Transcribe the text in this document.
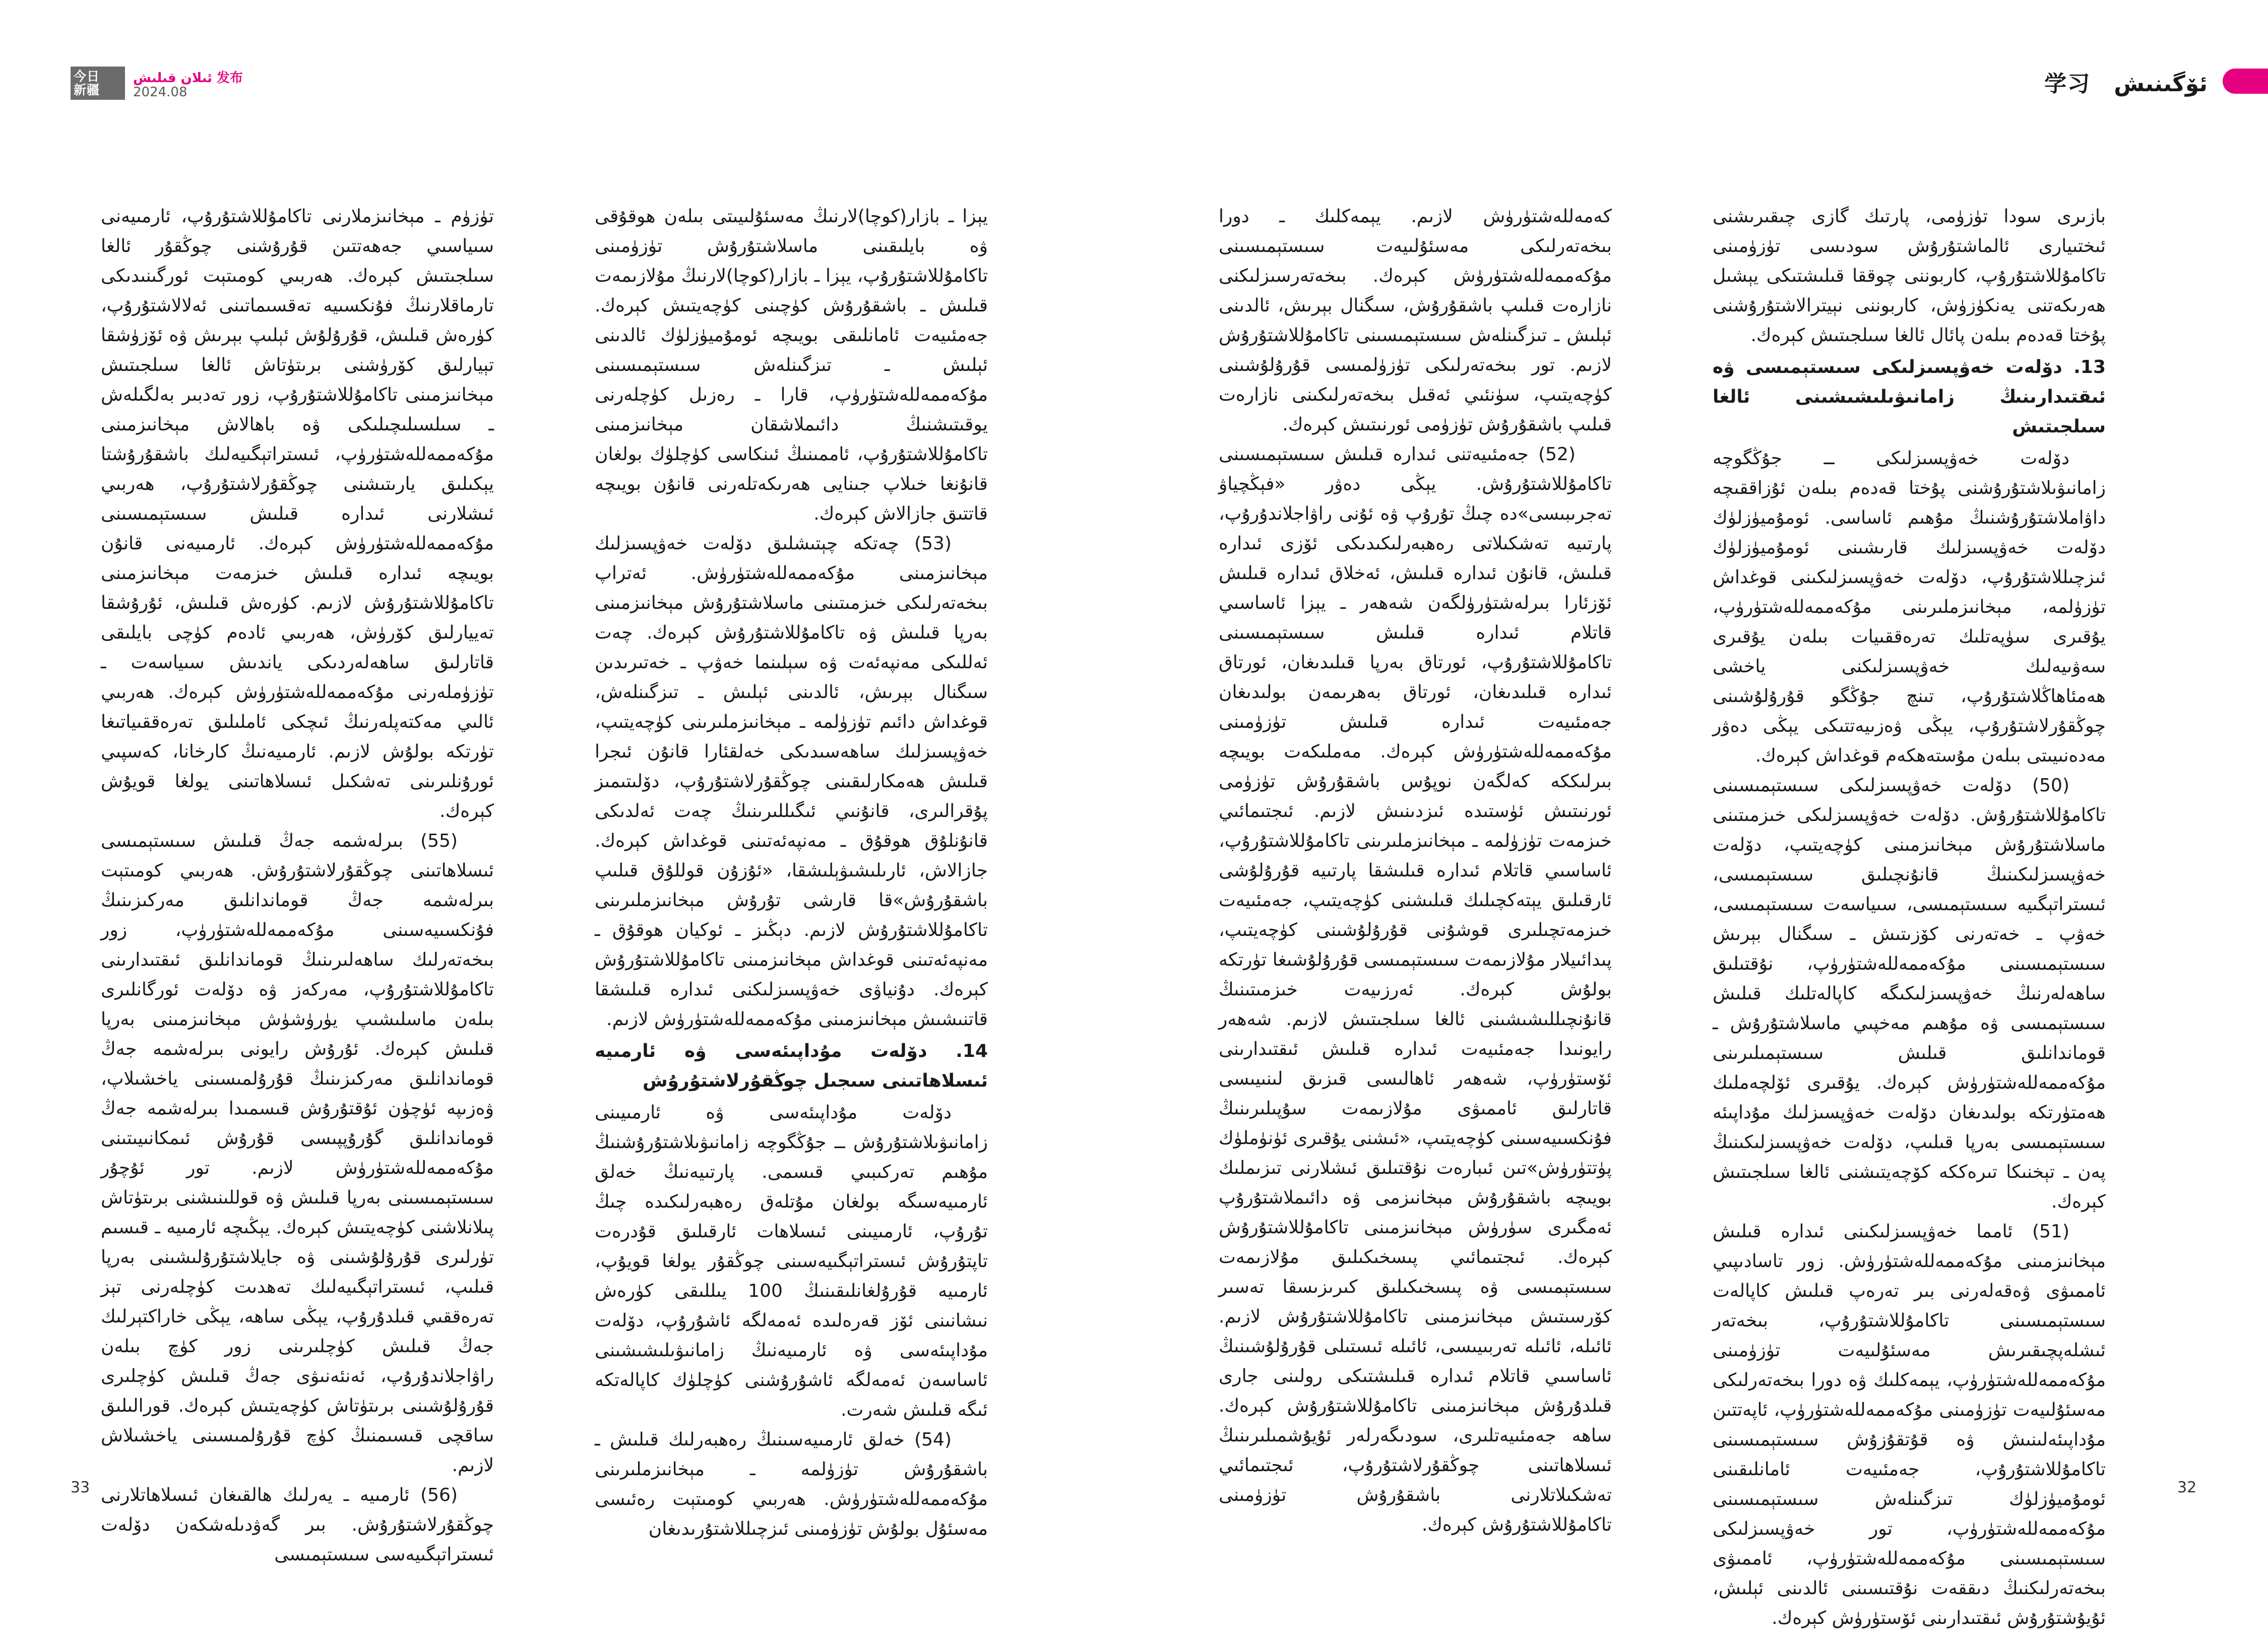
今日
新疆
发布 ئىلان قىلىش
2024.08	ئۆگىنىش   学习

بازىرى سودا تۈزۈمى، پارتىك گازى چىقىرىشنى ئىختىيارى ئالماشتۇرۇش سودىسى تۈزۈمىنى تاكامۇللاشتۇرۇپ، كاربوننى چوققا قىلىشتىكى يېشىل ھەرىكەتنى يەنكۈزۈش، كاربوننى نېيترالاشتۇرۇشنى پۇختا قەدەم بىلەن پائال ئالغا سىلجىتىش كېرەك.

13. دۆلەت خەۋپسىزلىكى سىستېمىسى ۋە ئىقتىدارىنىڭ زامانىۋىلىشىشىنى ئالغا سىلجىتىش

دۆلەت خەۋپسىزلىكى ــ جۇڭگوچە زامانىۋىلاشتۇرۇشنى پۇختا قەدەم بىلەن ئۇزاققىچە داۋاملاشتۇرۇشنىڭ مۇھىم ئاساسى. ئومۇميۈزلۈك دۆلەت خەۋپسىزلىك قارىشىنى ئومۇميۈزلۈك ئىزچىللاشتۇرۇپ، دۆلەت خەۋپسىزلىكىنى قوغداش تۈزۈلمە، مېخانىزملىرىنى مۇكەممەللەشتۈرۈپ، يۇقىرى سۈپەتلىك تەرەققىيات بىلەن يۇقىرى سەۋىيەلىك خەۋپسىزلىكنى ياخشى ھەمئاھاڭلاشتۇرۇپ، تىنچ جۇڭگو قۇرۇلۇشىنى چوڭقۇرلاشتۇرۇپ، يېڭى ۋەزىيەتتىكى يېڭى دەۋر مەدەنىيىتى بىلەن مۇستەھكەم قوغداش كېرەك.

(50) دۆلەت خەۋپسىزلىكى سىستېمىسىنى تاكامۇللاشتۇرۇش. دۆلەت خەۋپسىزلىكى خىزمىتىنى ماسلاشتۇرۇش مېخانىزمىنى كۈچەيتىپ، دۆلەت خەۋپسىزلىكىنىڭ قانۇنچىلىق سىستېمىسى، ئىستراتېگىيە سىستېمىسى، سىياسەت سىستېمىسى، خەۋپ ـ خەتەرنى كۆزىتىش ـ سىگنال بېرىش سىستېمىسىنى مۇكەممەللەشتۈرۈپ، نۇقتىلىق ساھەلەرنىڭ خەۋپسىزلىكىگە كاپالەتلىك قىلىش سىستېمىسى ۋە مۇھىم مەخپىي ماسلاشتۇرۇش ـ قوماندانلىق قىلىش سىستېمىلىرىنى مۇكەممەللەشتۈرۈش كېرەك. يۇقىرى ئۆلچەملىك ھەمتۈرتكە بولىدىغان دۆلەت خەۋپسىزلىك مۇداپىئە سىستېمىسى بەرپا قىلىپ، دۆلەت خەۋپسىزلىكىنىڭ پەن ـ تېخنىكا تىرەككە كۆچەيتىشنى ئالغا سىلجىتىش كېرەك.

(51) ئامما خەۋپسىزلىكىنى ئىدارە قىلىش مېخانىزمىنى مۇكەممەللەشتۈرۈش. زور تاسادىپىي ئاممىۋى ۋەقەلەرنى بىر تەرەپ قىلىش كاپالەت سىستېمىسىنى تاكامۇللاشتۇرۇپ، بىخەتەر ئىشلەپچىقىرىش مەسئۇلىيەت تۈزۈمىنى مۇكەممەللەشتۈرۈپ، يېمەكلىك ۋە دورا بىخەتەرلىكى مەسئۇلىيەت تۈزۈمىنى مۇكەممەللەشتۈرۈپ، ئاپەتتىن مۇداپىئەلىنىش ۋە قۇتقۇزۇش سىستېمىسىنى تاكامۇللاشتۇرۇپ، جەمئىيەت ئامانلىقىنى ئومۇميۈزلۈك تىزگىنلەش سىستېمىسىنى مۇكەممەللەشتۈرۈپ، تور خەۋپسىزلىكى سىستېمىسىنى مۇكەممەللەشتۈرۈپ، ئاممىۋى بىخەتەرلىكنىڭ دىققەت نۇقتىسىنى ئالدىنى ئېلىش، ئۇيۇشتۇرۇش ئىقتىدارىنى ئۆستۈرۈش كېرەك.

كەمەللەشتۈرۈش لازىم. يېمەكلىك ـ دورا بىخەتەرلىكى مەسئۇلىيەت سىستېمىسىنى مۇكەممەللەشتۈرۈش كېرەك. بىخەتەرسىزلىكنى نازارەت قىلىپ باشقۇرۇش، سىگنال بېرىش، ئالدىنى ئېلىش ـ تىزگىنلەش سىستېمىسىنى تاكامۇللاشتۇرۇش لازىم. تور بىخەتەرلىكى تۈزۈلمىسى قۇرۇلۇشىنى كۈچەيتىپ، سۈنئىي ئەقىل بىخەتەرلىكىنى نازارەت قىلىپ باشقۇرۇش تۈزۈمى ئورنىتىش كېرەك.

(52) جەمئىيەتنى ئىدارە قىلىش سىستېمىسىنى تاكامۇللاشتۇرۇش. يېڭى دەۋر «فېڭچياۋ تەجرىبىسى»دە چىڭ تۇرۇپ ۋە ئۇنى راۋاجلاندۇرۇپ، پارتىيە تەشكىلاتى رەھبەرلىكىدىكى ئۆزى ئىدارە قىلىش، قانۇن ئىدارە قىلىش، ئەخلاق ئىدارە قىلىش ئۆزئارا بىرلەشتۈرۈلگەن شەھەر ـ يېزا ئاساسىي قاتلام ئىدارە قىلىش سىستېمىسىنى تاكامۇللاشتۇرۇپ، ئورتاق بەرپا قىلىدىغان، ئورتاق ئىدارە قىلىدىغان، ئورتاق بەھرىمەن بولىدىغان جەمئىيەت ئىدارە قىلىش تۈزۈمىنى مۇكەممەللەشتۈرۈش كېرەك. مەملىكەت بويىچە بىرلىككە كەلگەن نوپۇس باشقۇرۇش تۈزۈمى ئورنىتىش ئۈستىدە ئىزدىنىش لازىم. ئىجتىمائىي خىزمەت تۈزۈلمە ـ مېخانىزملىرىنى تاكامۇللاشتۇرۇپ، ئاساسىي قاتلام ئىدارە قىلىشقا پارتىيە قۇرۇلۇشى ئارقىلىق يېتەكچىلىك قىلىشنى كۈچەيتىپ، جەمئىيەت خىزمەتچىلىرى قوشۇنى قۇرۇلۇشىنى كۈچەيتىپ، پىدائىيلار مۇلازىمەت سىستېمىسى قۇرۇلۇشىغا تۈرتكە بولۇش كېرەك. ئەرزىيەت خىزمىتىنىڭ قانۇنچىللىشىشىنى ئالغا سىلجىتىش لازىم. شەھەر رايونىدا جەمئىيەت ئىدارە قىلىش ئىقتىدارىنى ئۆستۈرۈپ، شەھەر ئاھالىسى قىزىق لىنىيىسى قاتارلىق ئاممىۋى مۇلازىمەت سۇپىلىرىنىڭ فۇنكسىيەسىنى كۈچەيتىپ، «ئىشنى يۇقىرى ئۈنۈملۈك پۈتتۈرۈش»تىن ئىبارەت نۇقتىلىق ئىشلارنى تىزىملىك بويىچە باشقۇرۇش مېخانىزمى ۋە دائىملاشتۇرۇپ ئەمگىرى سۈرۈش مېخانىزمىنى تاكامۇللاشتۇرۇش كېرەك. ئىجتىمائىي پىسخىكىلىق مۇلازىمەت سىستېمىسى ۋە پىسخىكىلىق كىرىزىسقا تەسىر كۆرسىتىش مېخانىزمىنى تاكامۇللاشتۇرۇش لازىم. ئائىلە، ئائىلە تەربىيىسى، ئائىلە ئىستىلى قۇرۇلۇشىنىڭ ئاساسىي قاتلام ئىدارە قىلىشتىكى رولىنى جارى قىلدۇرۇش مېخانىزمىنى تاكامۇللاشتۇرۇش كېرەك. ساھە جەمئىيەتلىرى، سودىگەرلەر ئۇيۇشمىلىرىنىڭ ئىسلاھاتىنى چوڭقۇرلاشتۇرۇپ، ئىجتىمائىي تەشكىلاتلارنى باشقۇرۇش تۈزۈمىنى تاكامۇللاشتۇرۇش كېرەك.

يېزا ـ بازار(كوچا)لارنىڭ مەسئۇلىيىتى بىلەن ھوقۇقى ۋە بايلىقىنى ماسلاشتۇرۇش تۈزۈمىنى تاكامۇللاشتۇرۇپ، يېزا ـ بازار(كوچا)لارنىڭ مۇلازىمەت قىلىش ـ باشقۇرۇش كۈچىنى كۈچەيتىش كېرەك. جەمئىيەت ئامانلىقى بويىچە ئومۇميۈزلۈك ئالدىنى ئېلىش ـ تىزگىنلەش سىستېمىسىنى مۇكەممەللەشتۈرۈپ، قارا ـ رەزىل كۈچلەرنى يوقىتىشنىڭ دائىملاشقان مېخانىزمىنى تاكامۇللاشتۇرۇپ، ئاممىنىڭ ئىنكاسى كۈچلۈك بولغان قانۇنغا خىلاپ جىنايى ھەرىكەتلەرنى قانۇن بويىچە قاتتىق جازالاش كېرەك.

(53) چەتكە چېتىشلىق دۆلەت خەۋپسىزلىك مېخانىزمىنى مۇكەممەللەشتۈرۈش. ئەتراپ بىخەتەرلىكى خىزمىتىنى ماسلاشتۇرۇش مېخانىزمىنى بەرپا قىلىش ۋە تاكامۇللاشتۇرۇش كېرەك. چەت ئەللىكى مەنپەئەت ۋە سېلىنما خەۋپ ـ خەتىرىدىن سىگنال بېرىش، ئالدىنى ئېلىش ـ تىزگىنلەش، قوغداش دائىم تۈزۈلمە ـ مېخانىزملىرىنى كۈچەيتىپ، خەۋپسىزلىك ساھەسىدىكى خەلقئارا قانۇن ئىجرا قىلىش ھەمكارلىقىنى چوڭقۇرلاشتۇرۇپ، دۆلىتىمىز پۇقرالىرى، قانۇنىي ئىگىللىرىنىڭ چەت ئەلدىكى قانۇنلۇق ھوقۇق ـ مەنپەئەتىنى قوغداش كېرەك. جازالاش، ئارىلىشىۋېلىشقا، «ئۇزۇن قوللۇق قىلىپ باشقۇرۇش»قا قارشى تۇرۇش مېخانىزملىرىنى تاكامۇللاشتۇرۇش لازىم. دېڭىز ـ ئوكيان ھوقۇق ـ مەنپەئەتىنى قوغداش مېخانىزمىنى تاكامۇللاشتۇرۇش كېرەك. دۇنياۋى خەۋپسىزلىكنى ئىدارە قىلىشقا قاتنىشىش مېخانىزمىنى مۇكەممەللەشتۈرۈش لازىم.

14. دۆلەت مۇداپىئەسى ۋە ئارمىيە ئىسلاھاتىنى سىجىل چوڭقۇرلاشتۇرۇش

دۆلەت مۇداپىئەسى ۋە ئارمىيىنى زامانىۋىلاشتۇرۇش ــ جۇڭگوچە زامانىۋىلاشتۇرۇشنىڭ مۇھىم تەركىبىي قىسمى. پارتىيەنىڭ خەلق ئارمىيەسىگە بولغان مۇتلەق رەھبەرلىكىدە چىڭ تۇرۇپ، ئارمىيىنى ئىسلاھات ئارقىلىق قۇدرەت تاپتۇرۇش ئىستراتېگىيەسىنى چوڭقۇر يولغا قويۇپ، ئارمىيە قۇرۇلغانلىقىنىڭ 100 يىللىقى كۈرەش نىشانىنى ئۆز قەرەلىدە ئەمەلگە ئاشۇرۇپ، دۆلەت مۇداپىئەسى ۋە ئارمىيەنىڭ زامانىۋىلىشىشىنى ئاساسەن ئەمەلگە ئاشۇرۇشنى كۈچلۈك كاپالەتكە ئىگە قىلىش شەرت.

(54) خەلق ئارمىيەسىنىڭ رەھبەرلىك قىلىش ـ باشقۇرۇش تۈزۈلمە ـ مېخانىزملىرىنى مۇكەممەللەشتۈرۈش. ھەربىي كومىتېت رەئىسى مەسئۇل بولۇش تۈزۈمىنى ئىزچىللاشتۇرىدىغان

تۈزۈم ـ مېخانىزملارنى تاكامۇللاشتۇرۇپ، ئارمىيەنى سىياسىي جەھەتتىن قۇرۇشنى چوڭقۇر ئالغا سىلجىتىش كېرەك. ھەربىي كومىتېت ئورگىنىدىكى تارماقلارنىڭ فۇنكسىيە تەقسىماتىنى ئەلالاشتۇرۇپ، كۈرەش قىلىش، قۇرۇلۇش ئېلىپ بېرىش ۋە ئۆزۈشقا تېيارلىق كۆرۈشنى برىتۈتاش ئالغا سىلجىتىش مېخانىزمىنى تاكامۇللاشتۇرۇپ، زور تەدبىر بەلگىلەش ـ سىلسىلىچىلىكى ۋە باھالاش مېخانىزمىنى مۇكەممەللەشتۈرۈپ، ئىستراتېگىيەلىك باشقۇرۇشتا يېكىلىق يارىتىشنى چوڭقۇرلاشتۇرۇپ، ھەربىي ئىشلارنى ئىدارە قىلىش سىستېمىسىنى مۇكەممەللەشتۈرۈش كېرەك. ئارمىيەنى قانۇن بويىچە ئىدارە قىلىش خىزمەت مېخانىزمىنى تاكامۇللاشتۇرۇش لازىم. كۈرەش قىلىش، ئۇرۇشقا تەييارلىق كۆرۈش، ھەربىي ئادەم كۈچى بايلىقى قاتارلىق ساھەلەردىكى ياندىش سىياسەت ـ تۈزۈملەرنى مۇكەممەللەشتۈرۈش كېرەك. ھەربىي ئالىي مەكتەپلەرنىڭ ئىچكى ئاملىلىق تەرەققىياتىغا تۈرتكە بولۇش لازىم. ئارمىيەنىڭ كارخانا، كەسپىي ئورۇنلىرىنى تەشكىل ئىسلاھاتىنى يولغا قويۇش كېرەك.

(55) بىرلەشمە جەڭ قىلىش سىستېمىسى ئىسلاھاتىنى چوڭقۇرلاشتۇرۇش. ھەربىي كومىتېت بىرلەشمە جەڭ قوماندانلىق مەركىزىنىڭ فۇنكسىيەسىنى مۇكەممەللەشتۈرۈپ، زور بىخەتەرلىك ساھەلىرىنىڭ قوماندانلىق ئىقتىدارىنى تاكامۇللاشتۇرۇپ، مەركەز ۋە دۆلەت ئورگانلىرى بىلەن ماسلىشىپ يۈرۈشۈش مېخانىزمىنى بەرپا قىلىش كېرەك. ئۇرۇش رايونى بىرلەشمە جەڭ قوماندانلىق مەركىزىنىڭ قۇرۇلمىسىنى ياخشىلاپ، ۋەزىپە ئۈچۈن ئۇقتۇرۇش قىسمىدا بىرلەشمە جەڭ قوماندانلىق گۇرۇپپىسى قۇرۇش ئىمكانىيىتىنى مۇكەممەللەشتۈرۈش لازىم. تور ئۇچۇر سىستېمىسىنى بەرپا قىلىش ۋە قوللىنىشنى برىتۈتاش پىلانلاشنى كۈچەيتىش كېرەك. يېڭىچە ئارمىيە ـ قىسىم تۈرلىرى قۇرۇلۇشىنى ۋە جايلاشتۇرۇلىشىنى بەرپا قىلىپ، ئىستراتېگىيەلىك تەھدىت كۈچلەرنى تېز تەرەققىي قىلدۇرۇپ، يېڭى ساھە، يېڭى خاراكتېرلىك جەڭ قىلىش كۈچلىرىنى زور كۈچ بىلەن راۋاجلاندۇرۇپ، ئەنئەنىۋى جەڭ قىلىش كۈچلىرى قۇرۇلۇشىنى برىتۈتاش كۈچەيتىش كېرەك. قورالىلىق ساقچى قىسىمنىڭ كۈچ قۇرۇلمىسىنى ياخشىلاش لازىم.

(56) ئارمىيە ـ يەرلىك ھالقىغان ئىسلاھاتلارنى چوڭقۇرلاشتۇرۇش. بىر گەۋدىلەشكەن دۆلەت ئىستراتېگىيەسى سىستېمىسى

33	32
